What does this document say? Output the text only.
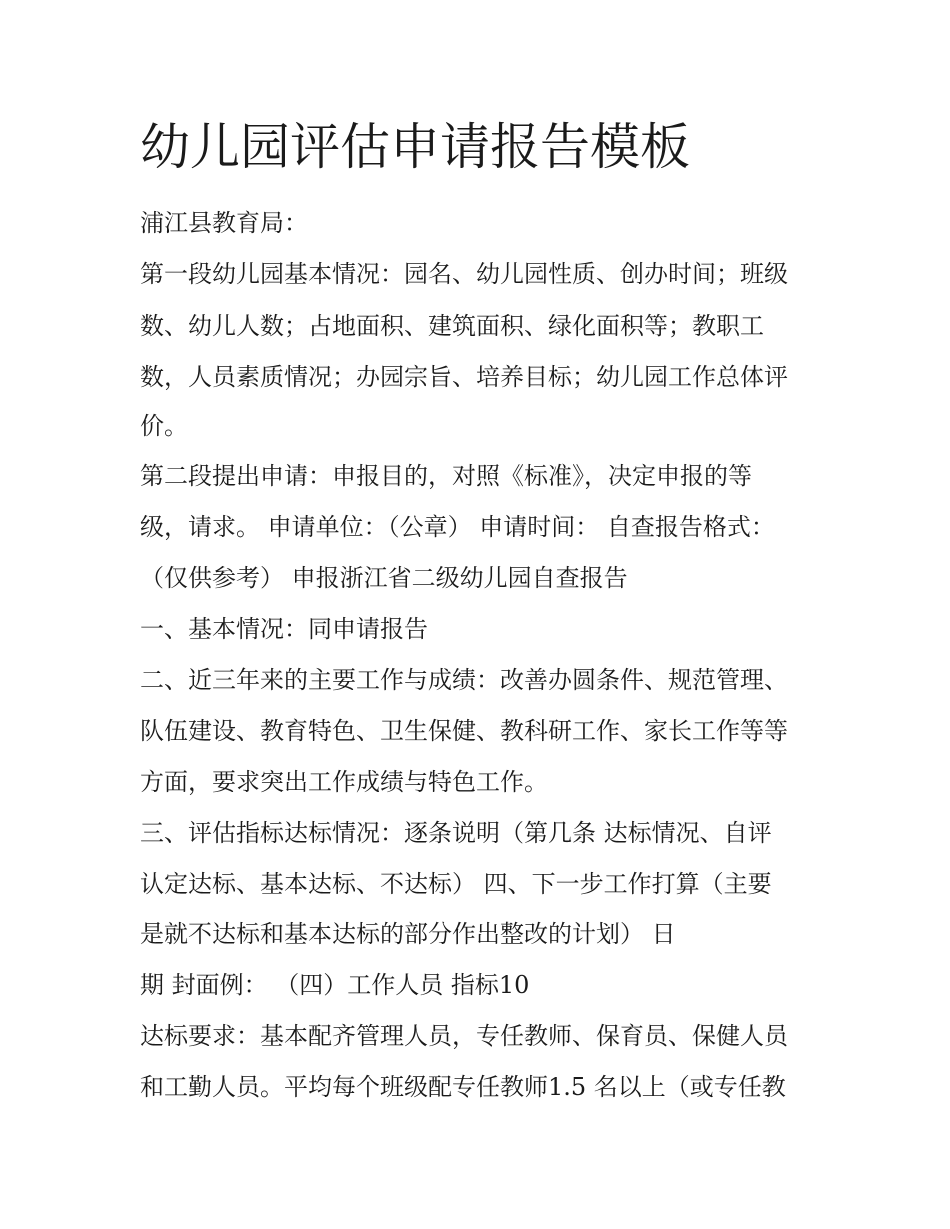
幼儿园评估申请报告模板

浦江县教育局：

第一段幼儿园基本情况：园名、幼儿园性质、创办时间；班级

数、幼儿人数；占地面积、建筑面积、绿化面积等；教职工

数，人员素质情况；办园宗旨、培养目标；幼儿园工作总体评

价。

第二段提出申请：申报目的，对照《标准》，决定申报的等

级，请求。 申请单位：（公章） 申请时间： 自查报告格式：

（仅供参考） 申报浙江省二级幼儿园自查报告

一、基本情况：同申请报告

二、近三年来的主要工作与成绩：改善办圆条件、规范管理、

队伍建设、教育特色、卫生保健、教科研工作、家长工作等等

方面，要求突出工作成绩与特色工作。

三、评估指标达标情况：逐条说明（第几条 达标情况、自评

认定达标、基本达标、不达标） 四、下一步工作打算（主要

是就不达标和基本达标的部分作出整改的计划） 日

期 封面例： （四）工作人员 指标10

达标要求：基本配齐管理人员，专任教师、保育员、保健人员

和工勤人员。平均每个班级配专任教师1.5 名以上（或专任教
